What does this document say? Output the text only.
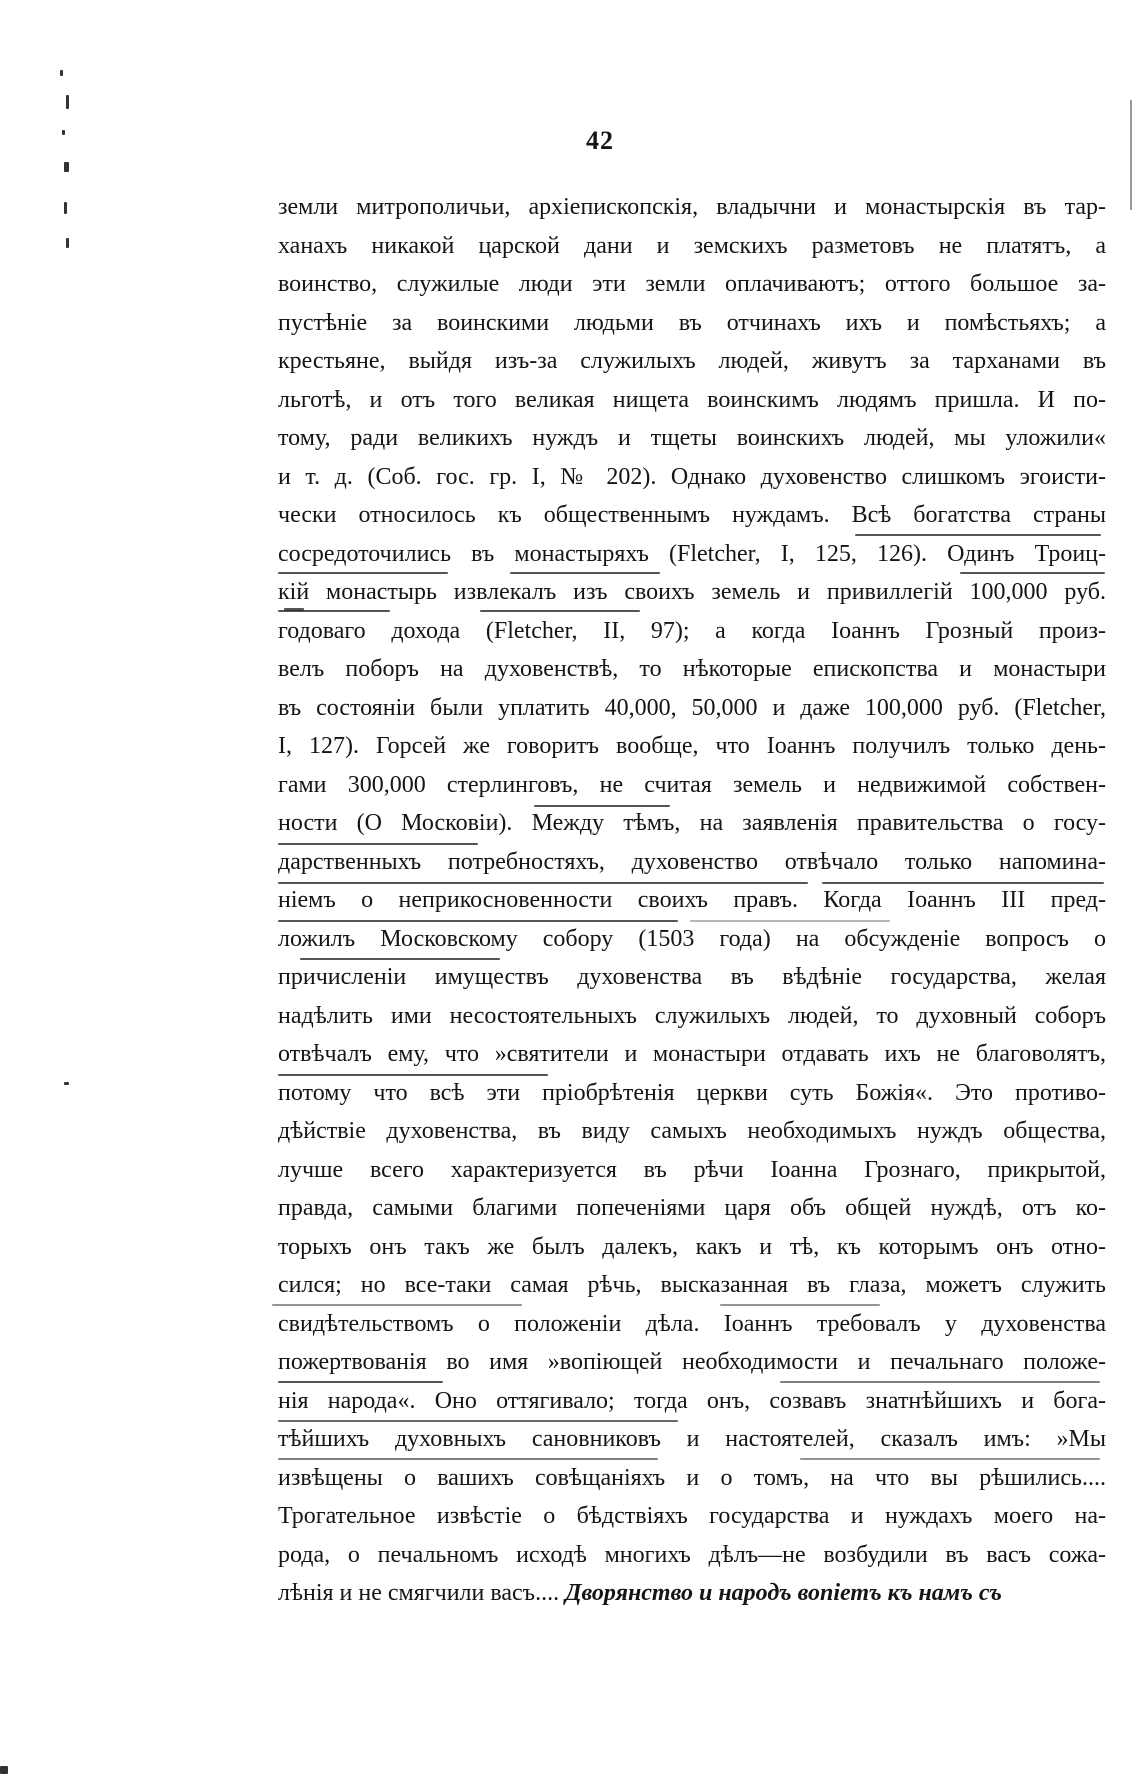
42
земли митрополичьи, архіепископскія, владычни и монастырскія въ тар-
ханахъ никакой царской дани и земскихъ разметовъ не платятъ, а
воинство, служилые люди эти земли оплачиваютъ; оттого большое за-
пустѣніе за воинскими людьми въ отчинахъ ихъ и помѣстьяхъ; а
крестьяне, выйдя изъ-за служилыхъ людей, живутъ за тарханами въ
льготѣ, и отъ того великая нищета воинскимъ людямъ пришла. И по-
тому, ради великихъ нуждъ и тщеты воинскихъ людей, мы уложили«
и т. д. (Соб. гос. гр. I, № 202). Однако духовенство слишкомъ эгоисти-
чески относилось къ общественнымъ нуждамъ. Всѣ богатства страны
сосредоточились въ монастыряхъ (Fletcher, I, 125, 126). Одинъ Троиц-
кій монастырь извлекалъ изъ своихъ земель и привиллегій 100,000 руб.
годоваго дохода (Fletcher, II, 97); а когда Іоаннъ Грозный произ-
велъ поборъ на духовенствѣ, то нѣкоторые епископства и монастыри
въ состояніи были уплатить 40,000, 50,000 и даже 100,000 руб. (Fletcher,
I, 127). Горсей же говоритъ вообще, что Іоаннъ получилъ только день-
гами 300,000 стерлинговъ, не считая земель и недвижимой собствен-
ности (О Московіи). Между тѣмъ, на заявленія правительства о госу-
дарственныхъ потребностяхъ, духовенство отвѣчало только напомина-
ніемъ о неприкосновенности своихъ правъ. Когда Іоаннъ III пред-
ложилъ Московскому собору (1503 года) на обсужденіе вопросъ о
причисленіи имуществъ духовенства въ вѣдѣніе государства, желая
надѣлить ими несостоятельныхъ служилыхъ людей, то духовный соборъ
отвѣчалъ ему, что »святители и монастыри отдавать ихъ не благоволятъ,
потому что всѣ эти пріобрѣтенія церкви суть Божія«. Это противо-
дѣйствіе духовенства, въ виду самыхъ необходимыхъ нуждъ общества,
лучше всего характеризуется въ рѣчи Іоанна Грознаго, прикрытой,
правда, самыми благими попеченіями царя объ общей нуждѣ, отъ ко-
торыхъ онъ такъ же былъ далекъ, какъ и тѣ, къ которымъ онъ отно-
сился; но все-таки самая рѣчь, высказанная въ глаза, можетъ служить
свидѣтельствомъ о положеніи дѣла. Іоаннъ требовалъ у духовенства
пожертвованія во имя »вопіющей необходимости и печальнаго положе-
нія народа«. Оно оттягивало; тогда онъ, созвавъ знатнѣйшихъ и бога-
тѣйшихъ духовныхъ сановниковъ и настоятелей, сказалъ имъ: »Мы
извѣщены о вашихъ совѣщаніяхъ и о томъ, на что вы рѣшились....
Трогательное извѣстіе о бѣдствіяхъ государства и нуждахъ моего на-
рода, о печальномъ исходѣ многихъ дѣлъ—не возбудили въ васъ сожа-
лѣнія и не смягчили васъ.... Дворянство и народъ вопіетъ къ намъ съ
